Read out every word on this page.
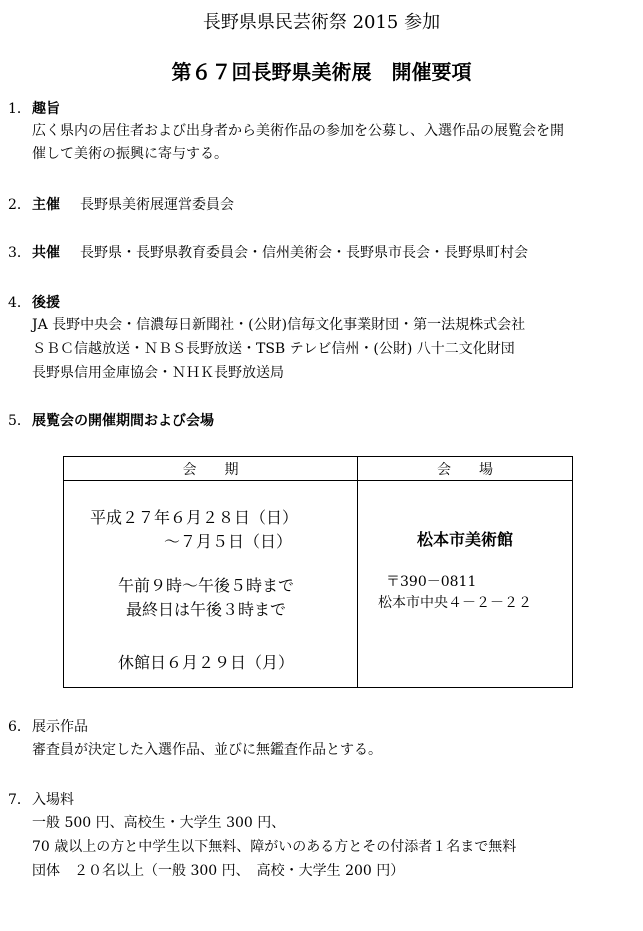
長野県県民芸術祭 2015 参加
第６７回長野県美術展　開催要項
1． 趣旨
広く県内の居住者および出身者から美術作品の参加を公募し、入選作品の展覧会を開
催して美術の振興に寄与する。
2． 主催 長野県美術展運営委員会
3． 共催 長野県・長野県教育委員会・信州美術会・長野県市長会・長野県町村会
4． 後援
JA 長野中央会・信濃毎日新聞社・(公財)信毎文化事業財団・第一法規株式会社
ＳＢＣ信越放送・ＮＢＳ長野放送・TSB テレビ信州・(公財) 八十二文化財団
長野県信用金庫協会・ＮＨＫ長野放送局
5． 展覧会の開催期間および会場
会　　期	会　　場
平成２７年６月２８日（日）
～７月５日（日）
午前９時～午後５時まで
最終日は午後３時まで
休館日６月２９日（月）
松本市美術館
〒390－0811
松本市中央４－２－２２
6． 展示作品
審査員が決定した入選作品、並びに無鑑査作品とする。
7． 入場料
一般 500 円、高校生・大学生 300 円、
70 歳以上の方と中学生以下無料、障がいのある方とその付添者１名まで無料
団体　２０名以上（一般 300 円、　高校・大学生 200 円）
